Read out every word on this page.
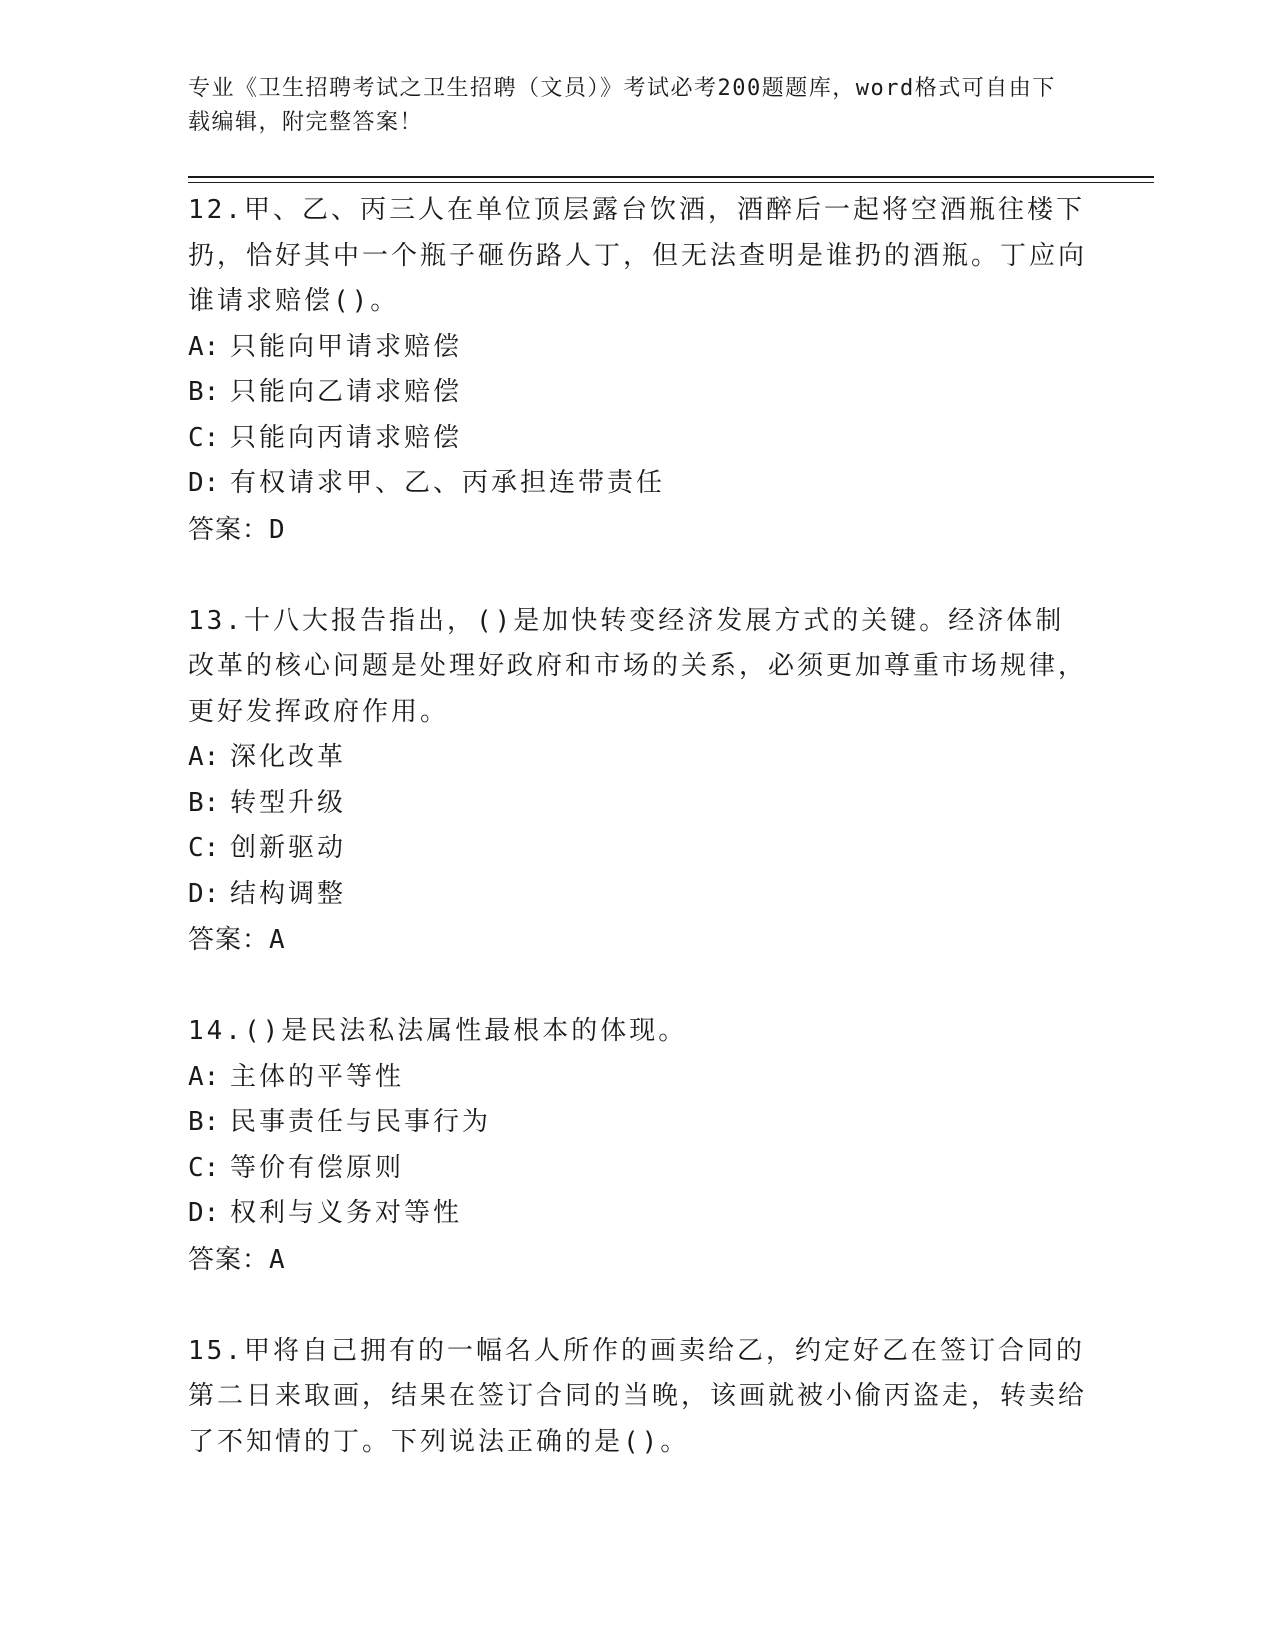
专业《卫生招聘考试之卫生招聘（文员）》考试必考200题题库，word格式可自由下载编辑，附完整答案！

12.甲、乙、丙三人在单位顶层露台饮酒，酒醉后一起将空酒瓶往楼下扔，恰好其中一个瓶子砸伤路人丁，但无法查明是谁扔的酒瓶。丁应向谁请求赔偿()。

A: 只能向甲请求赔偿

B: 只能向乙请求赔偿

C: 只能向丙请求赔偿

D: 有权请求甲、乙、丙承担连带责任

答案：D

13.十八大报告指出，()是加快转变经济发展方式的关键。经济体制改革的核心问题是处理好政府和市场的关系，必须更加尊重市场规律，更好发挥政府作用。

A: 深化改革

B: 转型升级

C: 创新驱动

D: 结构调整

答案：A

14.()是民法私法属性最根本的体现。

A: 主体的平等性

B: 民事责任与民事行为

C: 等价有偿原则

D: 权利与义务对等性

答案：A

15.甲将自己拥有的一幅名人所作的画卖给乙，约定好乙在签订合同的第二日来取画，结果在签订合同的当晚，该画就被小偷丙盗走，转卖给了不知情的丁。下列说法正确的是()。
